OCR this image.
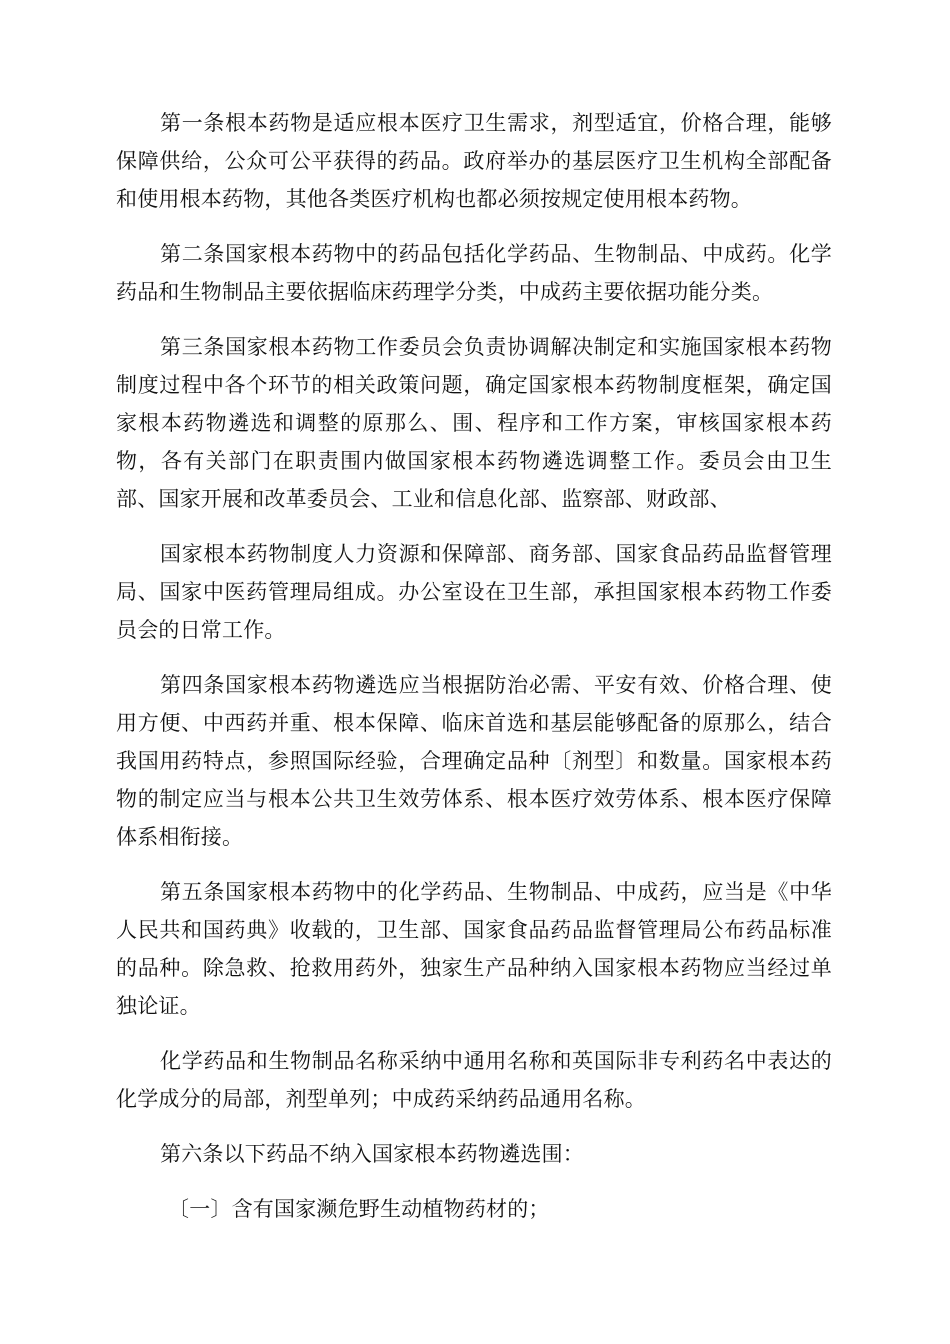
第一条根本药物是适应根本医疗卫生需求，剂型适宜，价格合理，能够保障供给，公众可公平获得的药品。政府举办的基层医疗卫生机构全部配备和使用根本药物，其他各类医疗机构也都必须按规定使用根本药物。

第二条国家根本药物中的药品包括化学药品、生物制品、中成药。化学药品和生物制品主要依据临床药理学分类，中成药主要依据功能分类。

第三条国家根本药物工作委员会负责协调解决制定和实施国家根本药物制度过程中各个环节的相关政策问题，确定国家根本药物制度框架，确定国家根本药物遴选和调整的原那么、围、程序和工作方案，审核国家根本药物，各有关部门在职责围内做国家根本药物遴选调整工作。委员会由卫生部、国家开展和改革委员会、工业和信息化部、监察部、财政部、

国家根本药物制度人力资源和保障部、商务部、国家食品药品监督管理局、国家中医药管理局组成。办公室设在卫生部，承担国家根本药物工作委员会的日常工作。

第四条国家根本药物遴选应当根据防治必需、平安有效、价格合理、使用方便、中西药并重、根本保障、临床首选和基层能够配备的原那么，结合我国用药特点，参照国际经验，合理确定品种〔剂型〕和数量。国家根本药物的制定应当与根本公共卫生效劳体系、根本医疗效劳体系、根本医疗保障体系相衔接。

第五条国家根本药物中的化学药品、生物制品、中成药，应当是《中华人民共和国药典》收载的，卫生部、国家食品药品监督管理局公布药品标准的品种。除急救、抢救用药外，独家生产品种纳入国家根本药物应当经过单独论证。

化学药品和生物制品名称采纳中通用名称和英国际非专利药名中表达的化学成分的局部，剂型单列；中成药采纳药品通用名称。

第六条以下药品不纳入国家根本药物遴选围：

〔一〕含有国家濒危野生动植物药材的；
